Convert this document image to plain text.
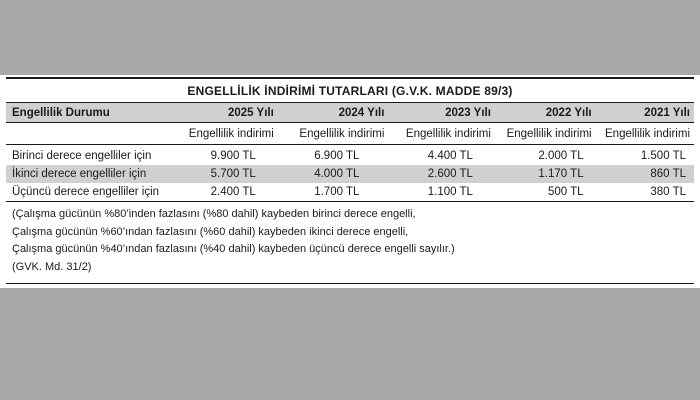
ENGELLİLİK İNDİRİMİ TUTARLARI (G.V.K. MADDE 89/3)
Engellilik Durumu	2025 Yılı	2024 Yılı	2023 Yılı	2022 Yılı	2021 Yılı
	Engellilik indirimi	Engellilik indirimi	Engellilik indirimi	Engellilik indirimi	Engellilik indirimi
Birinci derece engelliler için	9.900 TL	6.900 TL	4.400 TL	2.000 TL	1.500 TL
İkinci derece engelliler için	5.700 TL	4.000 TL	2.600 TL	1.170 TL	860 TL
Üçüncü derece engelliler için	2.400 TL	1.700 TL	1.100 TL	500 TL	380 TL
(Çalışma gücünün %80’inden fazlasını (%80 dahil) kaybeden birinci derece engelli,
Çalışma gücünün %60’ından fazlasını (%60 dahil) kaybeden ikinci derece engelli,
Çalışma gücünün %40’ından fazlasını (%40 dahil) kaybeden üçüncü derece engelli sayılır.)
(GVK. Md. 31/2)
